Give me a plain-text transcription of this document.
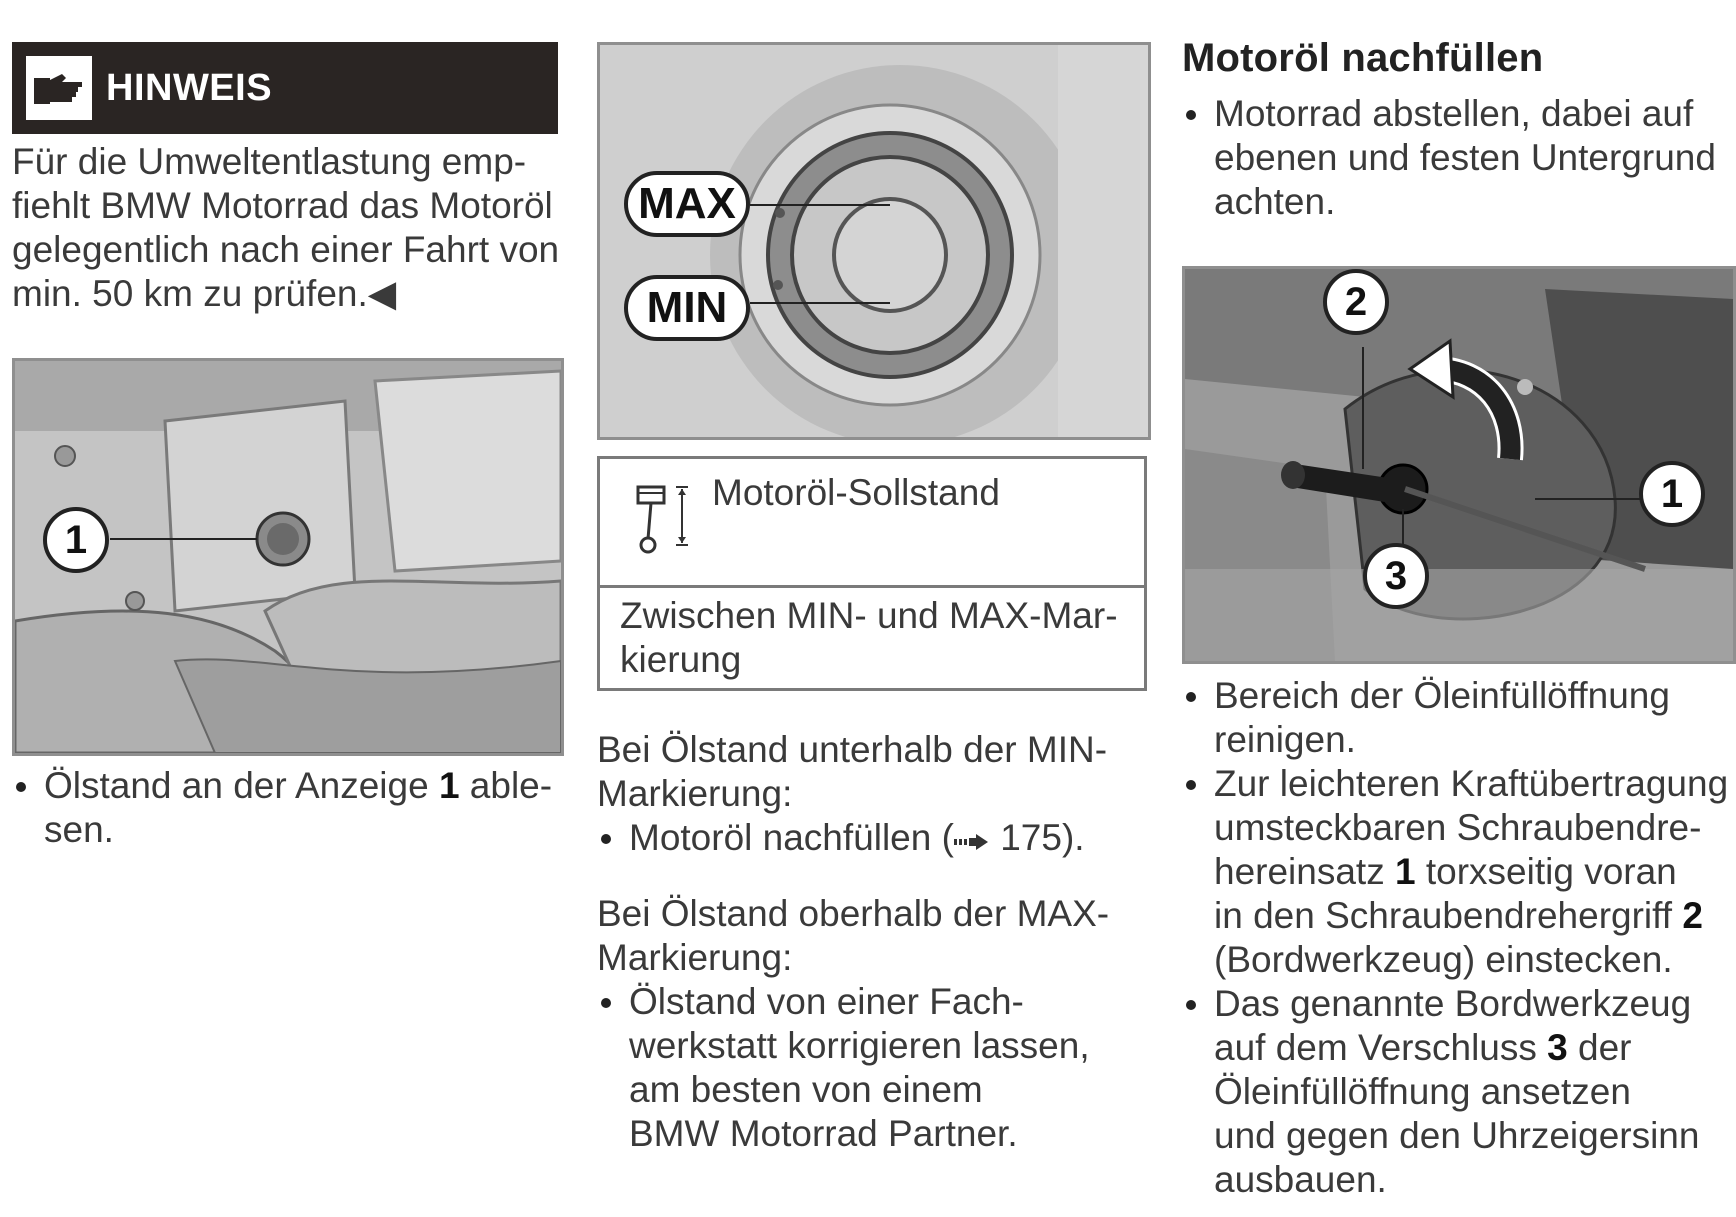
HINWEIS
Für die Umweltentlastung emp-
fiehlt BMW Motorrad das Motoröl
gelegentlich nach einer Fahrt von
min. 50 km zu prüfen.◀
1
Ölstand an der Anzeige 1 able-
sen.
MAX
MIN
Motoröl-Sollstand
Zwischen MIN- und MAX-Mar-
kierung
Bei Ölstand unterhalb der MIN-
Markierung:
Motoröl nachfüllen ( 175).
Bei Ölstand oberhalb der MAX-
Markierung:
Ölstand von einer Fach-
werkstatt korrigieren lassen,
am besten von einem
BMW Motorrad Partner.
Motoröl nachfüllen
Motorrad abstellen, dabei auf
ebenen und festen Untergrund
achten.
2
1
3
Bereich der Öleinfüllöffnung
reinigen.
Zur leichteren Kraftübertragung
umsteckbaren Schraubendre-
hereinsatz 1 torxseitig voran
in den Schraubendrehergriff 2
(Bordwerkzeug) einstecken.
Das genannte Bordwerkzeug
auf dem Verschluss 3 der
Öleinfüllöffnung ansetzen
und gegen den Uhrzeigersinn
ausbauen.
